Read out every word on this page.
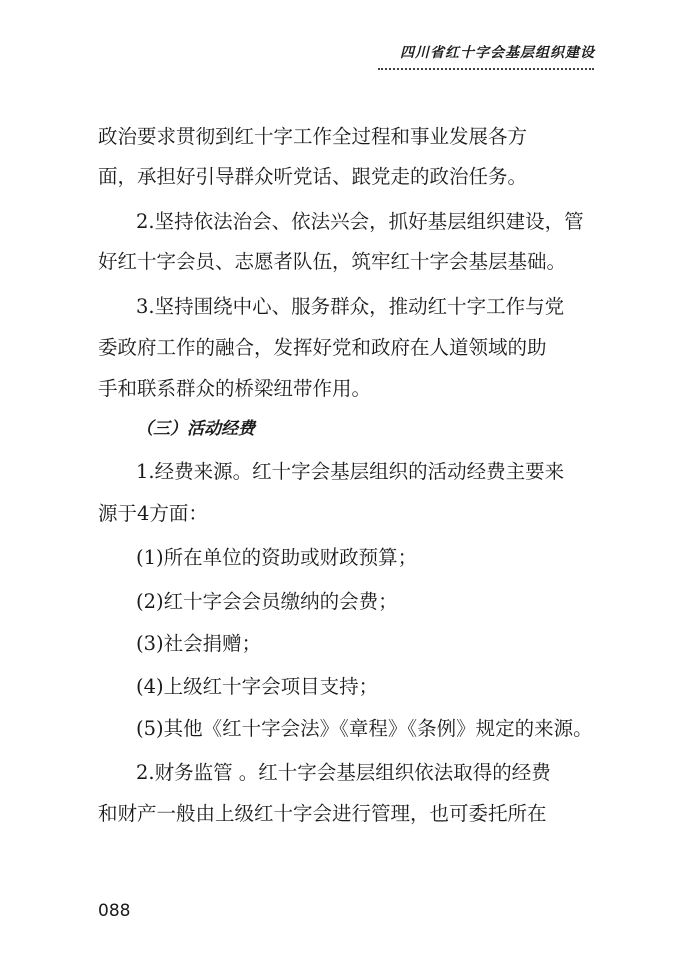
四川省红十字会基层组织建设
政治要求贯彻到红十字工作全过程和事业发展各方
面，承担好引导群众听党话、跟党走的政治任务。
2.坚持依法治会、依法兴会，抓好基层组织建设，管
好红十字会员、志愿者队伍，筑牢红十字会基层基础。
3.坚持围绕中心、服务群众，推动红十字工作与党
委政府工作的融合，发挥好党和政府在人道领域的助
手和联系群众的桥梁纽带作用。
（三）活动经费
1.经费来源。红十字会基层组织的活动经费主要来
源于4方面：
(1)所在单位的资助或财政预算；
(2)红十字会会员缴纳的会费；
(3)社会捐赠；
(4)上级红十字会项目支持；
(5)其他《红十字会法》《章程》《条例》规定的来源。
2.财务监管 。红十字会基层组织依法取得的经费
和财产一般由上级红十字会进行管理，也可委托所在
088
